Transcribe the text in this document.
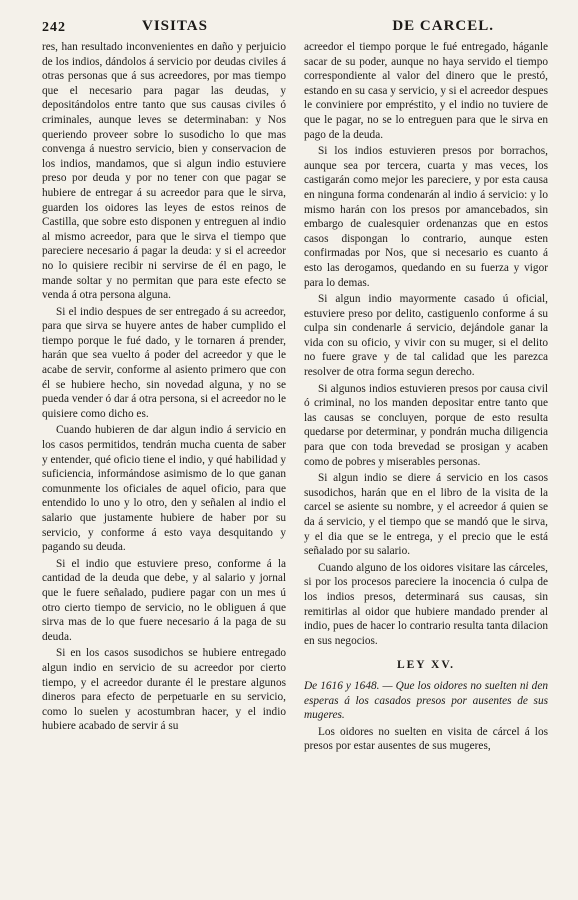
242	VISITAS	DE CARCEL.

res, han resultado inconvenientes en daño y perjuicio de los indios, dándolos á servicio por deudas civiles á otras personas que á sus acreedores, por mas tiempo que el necesario para pagar las deudas, y depositándolos entre tanto que sus causas civiles ó criminales, aunque leves se determinaban: y Nos queriendo proveer sobre lo susodicho lo que mas convenga á nuestro servicio, bien y conservacion de los indios, mandamos, que si algun indio estuviere preso por deuda y por no tener con que pagar se hubiere de entregar á su acreedor para que le sirva, guarden los oidores las leyes de estos reinos de Castilla, que sobre esto disponen y entreguen al indio al mismo acreedor, para que le sirva el tiempo que pareciere necesario á pagar la deuda: y si el acreedor no lo quisiere recibir ni servirse de él en pago, le mande soltar y no permitan que para este efecto se venda á otra persona alguna.

Si el indio despues de ser entregado á su acreedor, para que sirva se huyere antes de haber cumplido el tiempo porque le fué dado, y le tornaren á prender, harán que sea vuelto á poder del acreedor y que le acabe de servir, conforme al asiento primero que con él se hubiere hecho, sin novedad alguna, y no se pueda vender ó dar á otra persona, si el acreedor no le quisiere como dicho es.

Cuando hubieren de dar algun indio á servicio en los casos permitidos, tendrán mucha cuenta de saber y entender, qué oficio tiene el indio, y qué habilidad y suficiencia, informándose asimismo de lo que ganan comunmente los oficiales de aquel oficio, para que entendido lo uno y lo otro, den y señalen al indio el salario que justamente hubiere de haber por su servicio, y conforme á esto vaya desquitando y pagando su deuda.

Si el indio que estuviere preso, conforme á la cantidad de la deuda que debe, y al salario y jornal que le fuere señalado, pudiere pagar con un mes ú otro cierto tiempo de servicio, no le obliguen á que sirva mas de lo que fuere necesario á la paga de su deuda.

Si en los casos susodichos se hubiere entregado algun indio en servicio de su acreedor por cierto tiempo, y el acreedor durante él le prestare algunos dineros para efecto de perpetuarle en su servicio, como lo suelen y acostumbran hacer, y el indio hubiere acabado de servir á su

acreedor el tiempo porque le fué entregado, háganle sacar de su poder, aunque no haya servido el tiempo correspondiente al valor del dinero que le prestó, estando en su casa y servicio, y si el acreedor despues le conviniere por empréstito, y el indio no tuviere de que le pagar, no se lo entreguen para que le sirva en pago de la deuda.

Si los indios estuvieren presos por borrachos, aunque sea por tercera, cuarta y mas veces, los castigarán como mejor les pareciere, y por esta causa en ninguna forma condenarán al indio á servicio: y lo mismo harán con los presos por amancebados, sin embargo de cualesquier ordenanzas que en estos casos dispongan lo contrario, aunque esten confirmadas por Nos, que si necesario es cuanto á esto las derogamos, quedando en su fuerza y vigor para lo demas.

Si algun indio mayormente casado ú oficial, estuviere preso por delito, castiguenlo conforme á su culpa sin condenarle á servicio, dejándole ganar la vida con su oficio, y vivir con su muger, si el delito no fuere grave y de tal calidad que les parezca resolver de otra forma segun derecho.

Si algunos indios estuvieren presos por causa civil ó criminal, no los manden depositar entre tanto que las causas se concluyen, porque de esto resulta quedarse por determinar, y pondrán mucha diligencia para que con toda brevedad se prosigan y acaben como de pobres y miserables personas.

Si algun indio se diere á servicio en los casos susodichos, harán que en el libro de la visita de la carcel se asiente su nombre, y el acreedor á quien se da á servicio, y el tiempo que se mandó que le sirva, y el dia que se le entrega, y el precio que le está señalado por su salario.

Cuando alguno de los oidores visitare las cárceles, si por los procesos pareciere la inocencia ó culpa de los indios presos, determinará sus causas, sin remitirlas al oidor que hubiere mandado prender al indio, pues de hacer lo contrario resulta tanta dilacion en sus negocios.

LEY XV.

De 1616 y 1648. — Que los oidores no suelten ni den esperas á los casados presos por ausentes de sus mugeres.

Los oidores no suelten en visita de cárcel á los presos por estar ausentes de sus mugeres,
